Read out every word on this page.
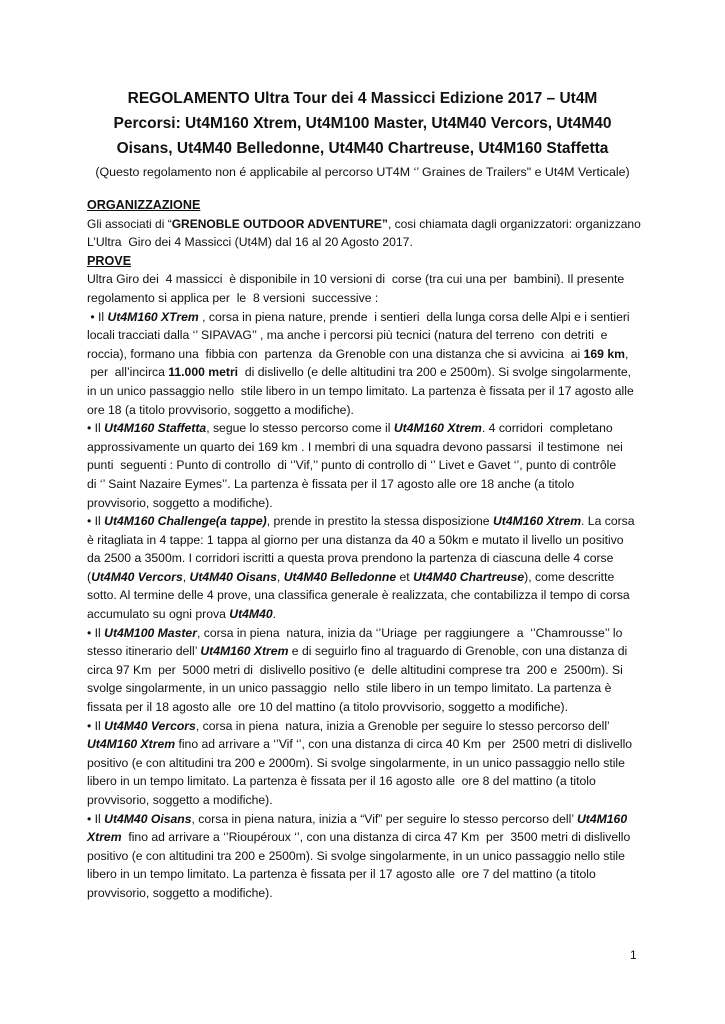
REGOLAMENTO Ultra Tour dei 4 Massicci Edizione 2017 – Ut4M
Percorsi: Ut4M160 Xtrem, Ut4M100 Master, Ut4M40 Vercors, Ut4M40
Oisans, Ut4M40 Belledonne, Ut4M40 Chartreuse, Ut4M160 Staffetta
(Questo regolamento non é applicabile al percorso UT4M ‘’ Graines de Trailers" e Ut4M Verticale)
ORGANIZZAZIONE
Gli associati di “GRENOBLE OUTDOOR ADVENTURE”, cosi chiamata dagli organizzatori: organizzano
L’Ultra  Giro dei 4 Massicci (Ut4M) dal 16 al 20 Agosto 2017.
PROVE
Ultra Giro dei  4 massicci  è disponibile in 10 versioni di  corse (tra cui una per  bambini). Il presente
regolamento si applica per  le  8 versioni  successive :
• Il Ut4M160 XTrem , corsa in piena nature, prende  i sentieri  della lunga corsa delle Alpi e i sentieri
locali tracciati dalla ‘’ SIPAVAG’’ , ma anche i percorsi più tecnici (natura del terreno  con detriti  e
roccia), formano una  fibbia con  partenza  da Grenoble con una distanza che si avvicina  ai 169 km,
per  all’incirca 11.000 metri  di dislivello (e delle altitudini tra 200 e 2500m). Si svolge singolarmente,
in un unico passaggio nello  stile libero in un tempo limitato. La partenza è fissata per il 17 agosto alle
ore 18 (a titolo provvisorio, soggetto a modifiche).
• Il Ut4M160 Staffetta, segue lo stesso percorso come il Ut4M160 Xtrem. 4 corridori  completano
approssivamente un quarto dei 169 km . I membri di una squadra devono passarsi  il testimone  nei
punti  seguenti : Punto di controllo  di ‘’Vif,’’ punto di controllo di ‘’ Livet e Gavet ‘’, punto di contrôle
di ‘’ Saint Nazaire Eymes’’. La partenza è fissata per il 17 agosto alle ore 18 anche (a titolo
provvisorio, soggetto a modifiche).
• Il Ut4M160 Challenge(a tappe), prende in prestito la stessa disposizione Ut4M160 Xtrem. La corsa
è ritagliata in 4 tappe: 1 tappa al giorno per una distanza da 40 a 50km e mutato il livello un positivo
da 2500 a 3500m. I corridori iscritti a questa prova prendono la partenza di ciascuna delle 4 corse
(Ut4M40 Vercors, Ut4M40 Oisans, Ut4M40 Belledonne et Ut4M40 Chartreuse), come descritte
sotto. Al termine delle 4 prove, una classifica generale è realizzata, che contabilizza il tempo di corsa
accumulato su ogni prova Ut4M40.
• Il Ut4M100 Master, corsa in piena  natura, inizia da ‘’Uriage  per raggiungere  a  ‘’Chamrousse’’ lo
stesso itinerario dell’ Ut4M160 Xtrem e di seguirlo fino al traguardo di Grenoble, con una distanza di
circa 97 Km  per  5000 metri di  dislivello positivo (e  delle altitudini comprese tra  200 e  2500m). Si
svolge singolarmente, in un unico passaggio  nello  stile libero in un tempo limitato. La partenza è
fissata per il 18 agosto alle  ore 10 del mattino (a titolo provvisorio, soggetto a modifiche).
• Il Ut4M40 Vercors, corsa in piena  natura, inizia a Grenoble per seguire lo stesso percorso dell’
Ut4M160 Xtrem fino ad arrivare a ‘’Vif ‘’, con una distanza di circa 40 Km  per  2500 metri di dislivello
positivo (e con altitudini tra 200 e 2000m). Si svolge singolarmente, in un unico passaggio nello stile
libero in un tempo limitato. La partenza è fissata per il 16 agosto alle  ore 8 del mattino (a titolo
provvisorio, soggetto a modifiche).
• Il Ut4M40 Oisans, corsa in piena natura, inizia a “Vif” per seguire lo stesso percorso dell’ Ut4M160
Xtrem  fino ad arrivare a ‘’Rioupéroux ‘’, con una distanza di circa 47 Km  per  3500 metri di dislivello
positivo (e con altitudini tra 200 e 2500m). Si svolge singolarmente, in un unico passaggio nello stile
libero in un tempo limitato. La partenza è fissata per il 17 agosto alle  ore 7 del mattino (a titolo
provvisorio, soggetto a modifiche).
1
